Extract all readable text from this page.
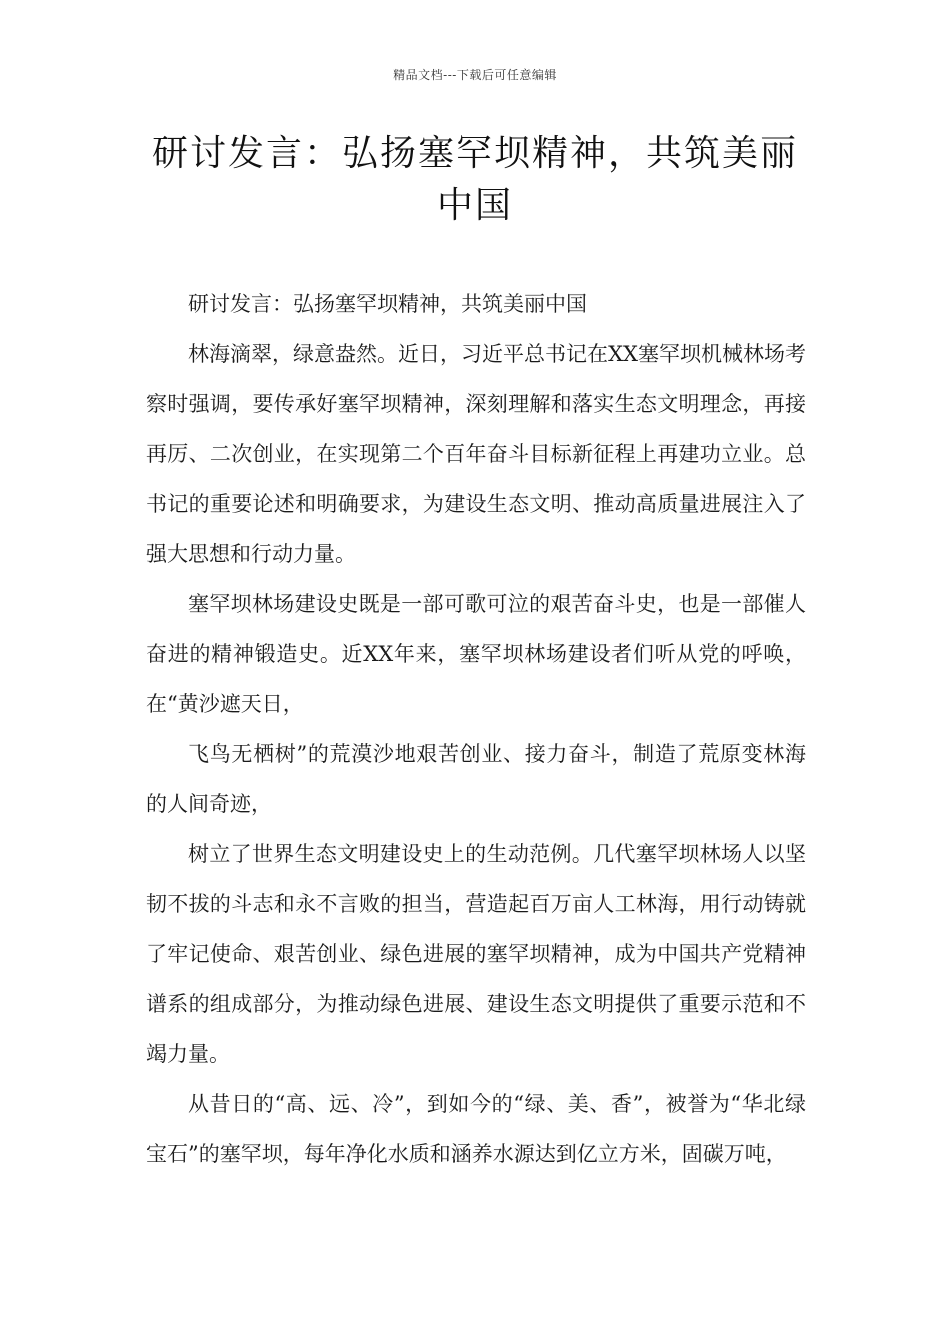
精品文档---下载后可任意编辑
研讨发言：弘扬塞罕坝精神，共筑美丽中国

研讨发言：弘扬塞罕坝精神，共筑美丽中国

林海滴翠，绿意盎然。近日，习近平总书记在XX塞罕坝机械林场考察时强调，要传承好塞罕坝精神，深刻理解和落实生态文明理念，再接再厉、二次创业，在实现第二个百年奋斗目标新征程上再建功立业。总书记的重要论述和明确要求，为建设生态文明、推动高质量进展注入了强大思想和行动力量。

塞罕坝林场建设史既是一部可歌可泣的艰苦奋斗史，也是一部催人奋进的精神锻造史。近XX年来，塞罕坝林场建设者们听从党的呼唤，在“黄沙遮天日，

飞鸟无栖树”的荒漠沙地艰苦创业、接力奋斗，制造了荒原变林海的人间奇迹，

树立了世界生态文明建设史上的生动范例。几代塞罕坝林场人以坚韧不拔的斗志和永不言败的担当，营造起百万亩人工林海，用行动铸就了牢记使命、艰苦创业、绿色进展的塞罕坝精神，成为中国共产党精神谱系的组成部分，为推动绿色进展、建设生态文明提供了重要示范和不竭力量。

从昔日的“高、远、冷”，到如今的“绿、美、香”，被誉为“华北绿宝石”的塞罕坝，每年净化水质和涵养水源达到亿立方米，固碳万吨，
